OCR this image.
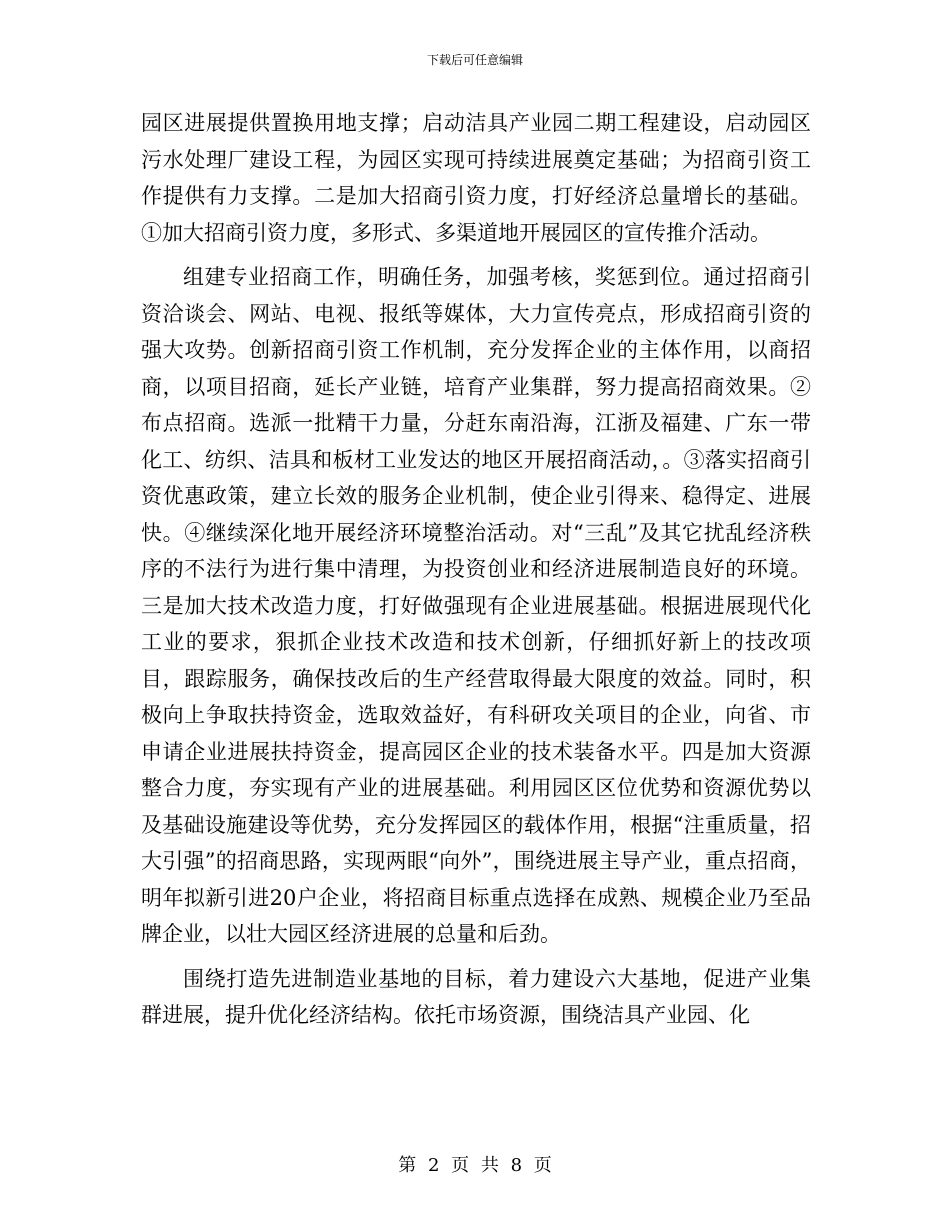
下载后可任意编辑

园区进展提供置换用地支撑；启动洁具产业园二期工程建设，启动园区污水处理厂建设工程，为园区实现可持续进展奠定基础；为招商引资工作提供有力支撑。二是加大招商引资力度，打好经济总量增长的基础。①加大招商引资力度，多形式、多渠道地开展园区的宣传推介活动。

组建专业招商工作，明确任务，加强考核，奖惩到位。通过招商引资洽谈会、网站、电视、报纸等媒体，大力宣传亮点，形成招商引资的强大攻势。创新招商引资工作机制，充分发挥企业的主体作用，以商招商，以项目招商，延长产业链，培育产业集群，努力提高招商效果。②布点招商。选派一批精干力量，分赶东南沿海，江浙及福建、广东一带化工、纺织、洁具和板材工业发达的地区开展招商活动，。③落实招商引资优惠政策，建立长效的服务企业机制，使企业引得来、稳得定、进展快。④继续深化地开展经济环境整治活动。对“三乱”及其它扰乱经济秩序的不法行为进行集中清理，为投资创业和经济进展制造良好的环境。三是加大技术改造力度，打好做强现有企业进展基础。根据进展现代化工业的要求，狠抓企业技术改造和技术创新，仔细抓好新上的技改项目，跟踪服务，确保技改后的生产经营取得最大限度的效益。同时，积极向上争取扶持资金，选取效益好，有科研攻关项目的企业，向省、市申请企业进展扶持资金，提高园区企业的技术装备水平。四是加大资源整合力度，夯实现有产业的进展基础。利用园区区位优势和资源优势以及基础设施建设等优势，充分发挥园区的载体作用，根据“注重质量，招大引强”的招商思路，实现两眼“向外”，围绕进展主导产业，重点招商，明年拟新引进20户企业，将招商目标重点选择在成熟、规模企业乃至品牌企业，以壮大园区经济进展的总量和后劲。

围绕打造先进制造业基地的目标，着力建设六大基地，促进产业集群进展，提升优化经济结构。依托市场资源，围绕洁具产业园、化

第 2 页 共 8 页
